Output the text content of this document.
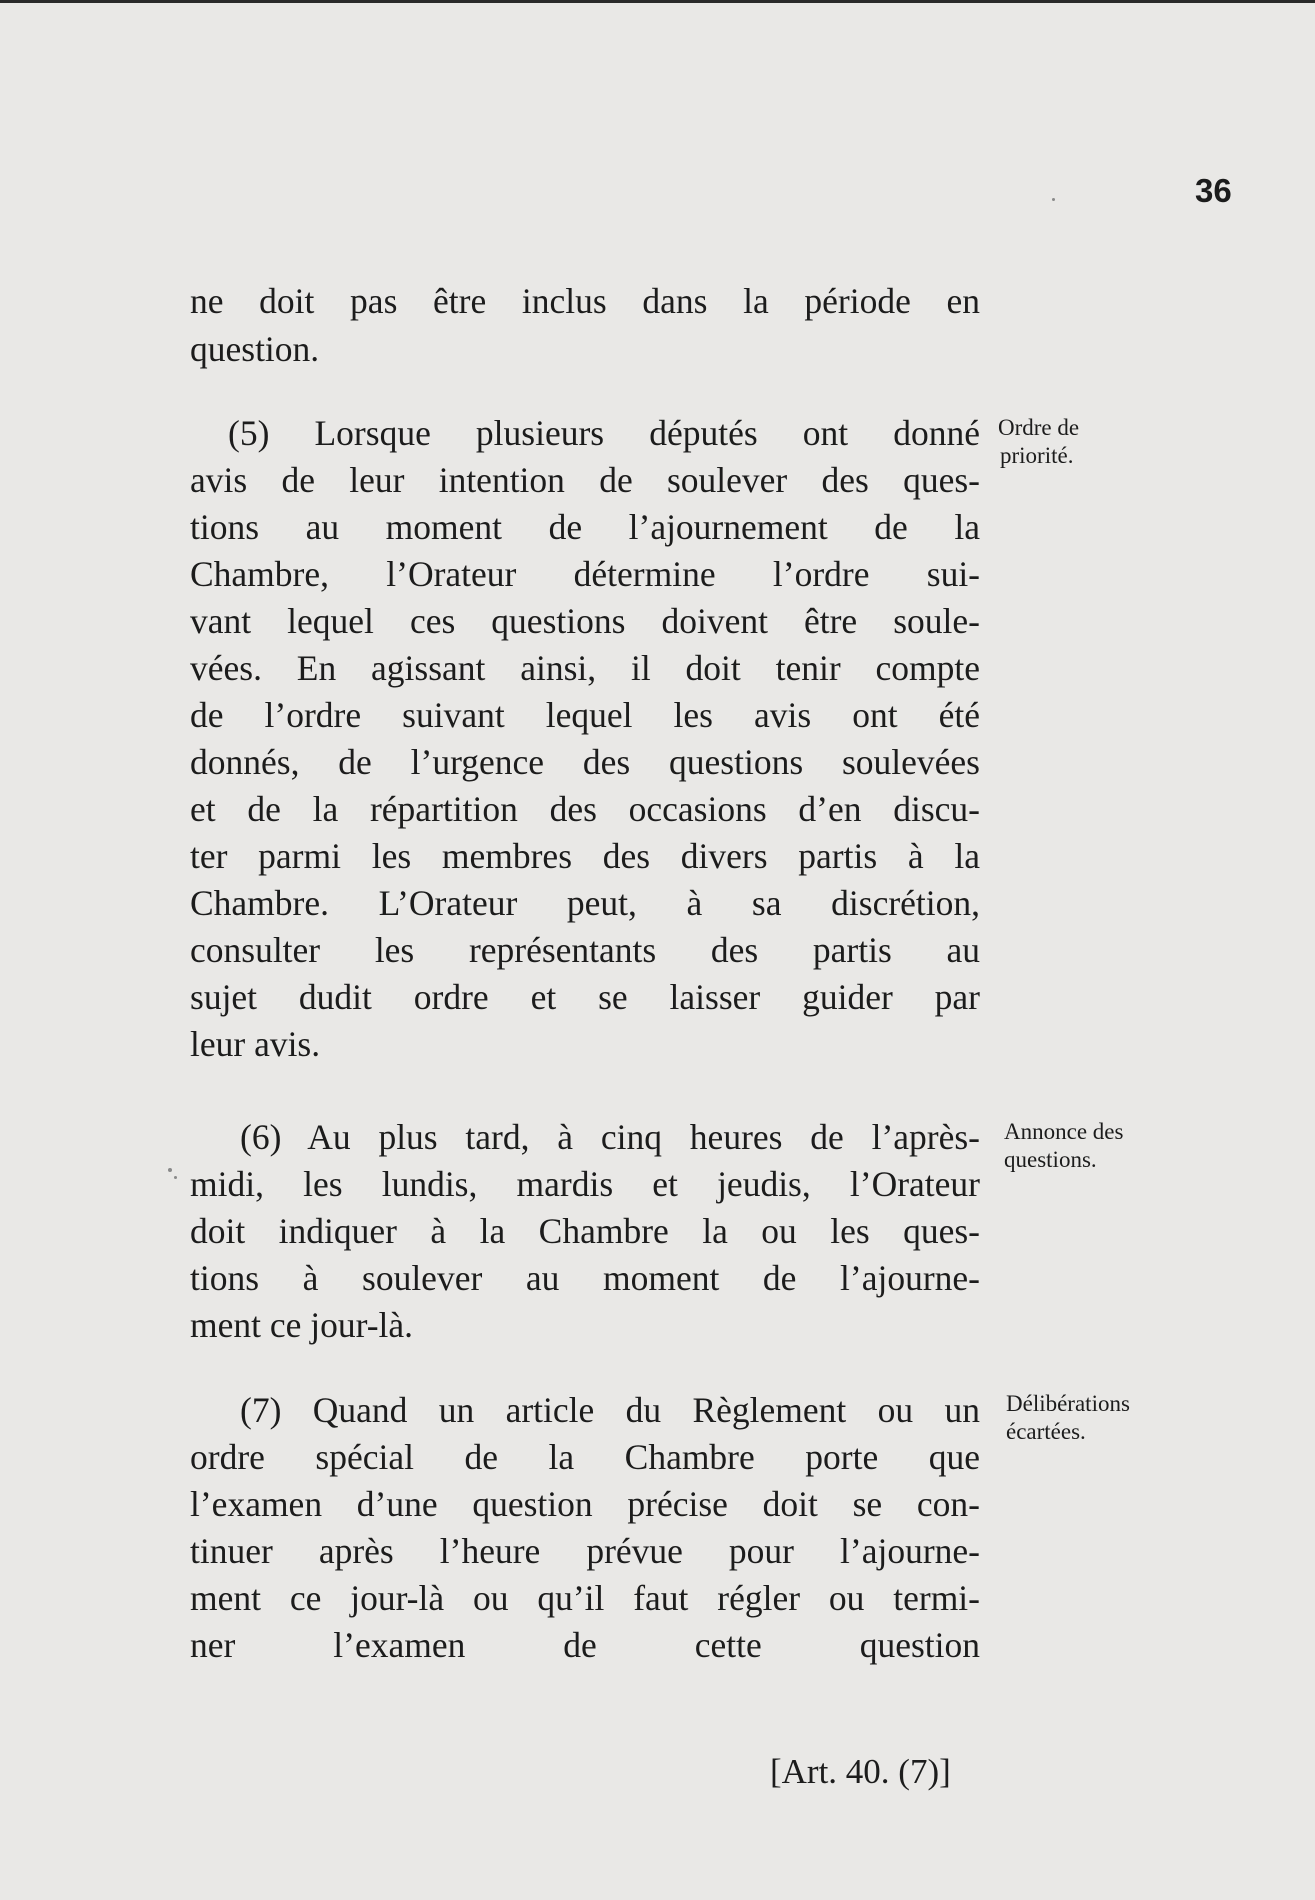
36
ne doit pas être inclus dans la période en
question.
(5) Lorsque plusieurs députés ont donné
avis de leur intention de soulever des ques-
tions au moment de l’ajournement de la
Chambre, l’Orateur détermine l’ordre sui-
vant lequel ces questions doivent être soule-
vées. En agissant ainsi, il doit tenir compte
de l’ordre suivant lequel les avis ont été
donnés, de l’urgence des questions soulevées
et de la répartition des occasions d’en discu-
ter parmi les membres des divers partis à la
Chambre. L’Orateur peut, à sa discrétion,
consulter les représentants des partis au
sujet dudit ordre et se laisser guider par
leur avis.
(6) Au plus tard, à cinq heures de l’après-
midi, les lundis, mardis et jeudis, l’Orateur
doit indiquer à la Chambre la ou les ques-
tions à soulever au moment de l’ajourne-
ment ce jour-là.
(7) Quand un article du Règlement ou un
ordre spécial de la Chambre porte que
l’examen d’une question précise doit se con-
tinuer après l’heure prévue pour l’ajourne-
ment ce jour-là ou qu’il faut régler ou termi-
ner l’examen de cette question
Ordre de
priorité.
Annonce des
questions.
Délibérations
écartées.
[Art. 40. (7)]
